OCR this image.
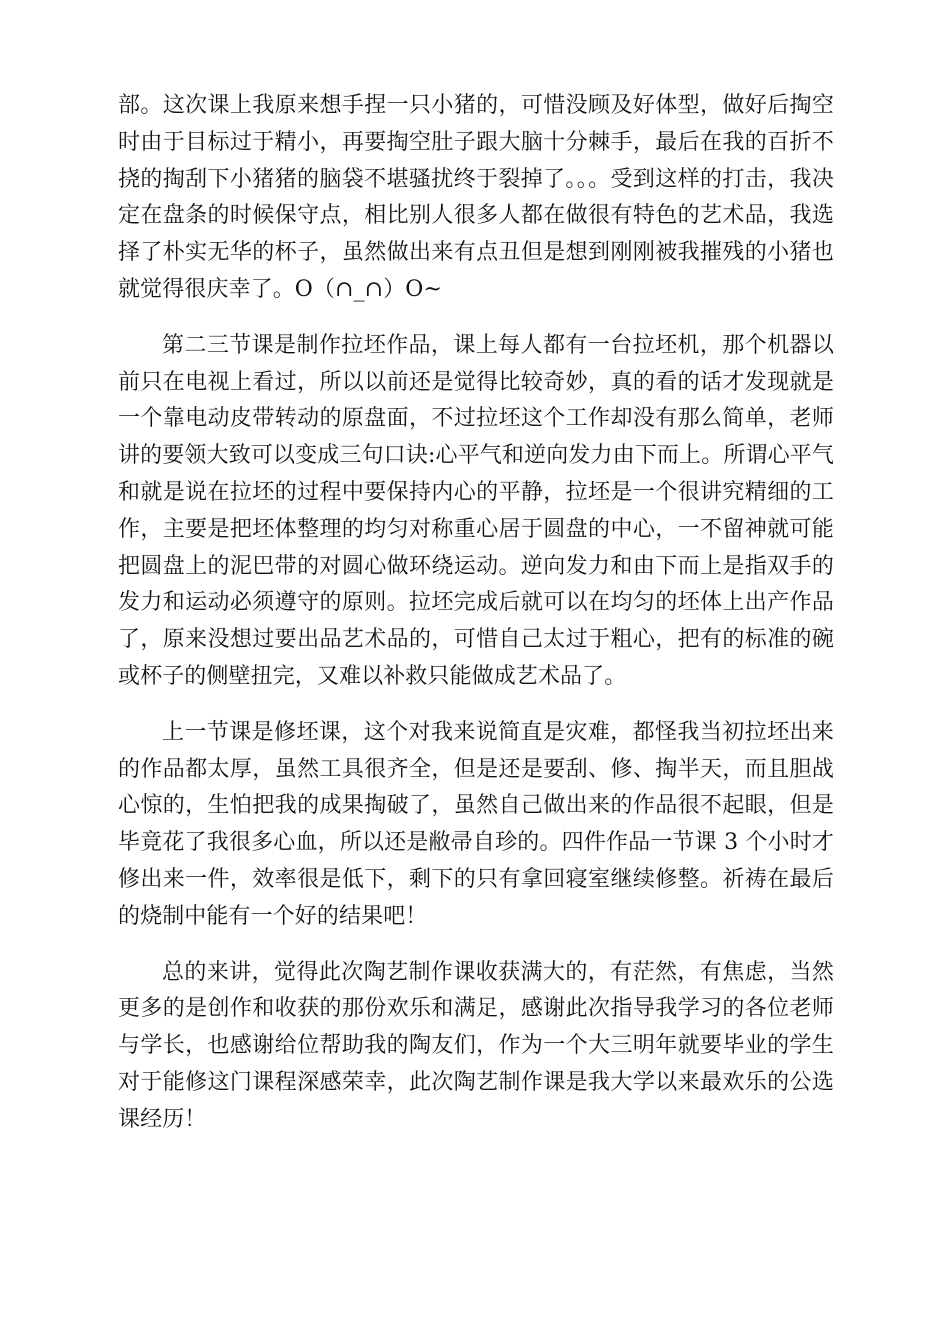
部。这次课上我原来想手捏一只小猪的，可惜没顾及好体型，做好后掏空时由于目标过于精小，再要掏空肚子跟大脑十分棘手，最后在我的百折不挠的掏刮下小猪猪的脑袋不堪骚扰终于裂掉了。。。受到这样的打击，我决定在盘条的时候保守点，相比别人很多人都在做很有特色的艺术品，我选择了朴实无华的杯子，虽然做出来有点丑但是想到刚刚被我摧残的小猪也就觉得很庆幸了。O（∩_∩）O~

第二三节课是制作拉坯作品，课上每人都有一台拉坯机，那个机器以前只在电视上看过，所以以前还是觉得比较奇妙，真的看的话才发现就是一个靠电动皮带转动的原盘面，不过拉坯这个工作却没有那么简单，老师讲的要领大致可以变成三句口诀:心平气和逆向发力由下而上。所谓心平气和就是说在拉坯的过程中要保持内心的平静，拉坯是一个很讲究精细的工作，主要是把坯体整理的均匀对称重心居于圆盘的中心，一不留神就可能把圆盘上的泥巴带的对圆心做环绕运动。逆向发力和由下而上是指双手的发力和运动必须遵守的原则。拉坯完成后就可以在均匀的坯体上出产作品了，原来没想过要出品艺术品的，可惜自己太过于粗心，把有的标准的碗或杯子的侧壁扭完，又难以补救只能做成艺术品了。

上一节课是修坯课，这个对我来说简直是灾难，都怪我当初拉坯出来的作品都太厚，虽然工具很齐全，但是还是要刮、修、掏半天，而且胆战心惊的，生怕把我的成果掏破了，虽然自己做出来的作品很不起眼，但是毕竟花了我很多心血，所以还是敝帚自珍的。四件作品一节课 3 个小时才修出来一件，效率很是低下，剩下的只有拿回寝室继续修整。祈祷在最后的烧制中能有一个好的结果吧！

总的来讲，觉得此次陶艺制作课收获满大的，有茫然，有焦虑，当然更多的是创作和收获的那份欢乐和满足，感谢此次指导我学习的各位老师与学长，也感谢给位帮助我的陶友们，作为一个大三明年就要毕业的学生对于能修这门课程深感荣幸，此次陶艺制作课是我大学以来最欢乐的公选课经历！
